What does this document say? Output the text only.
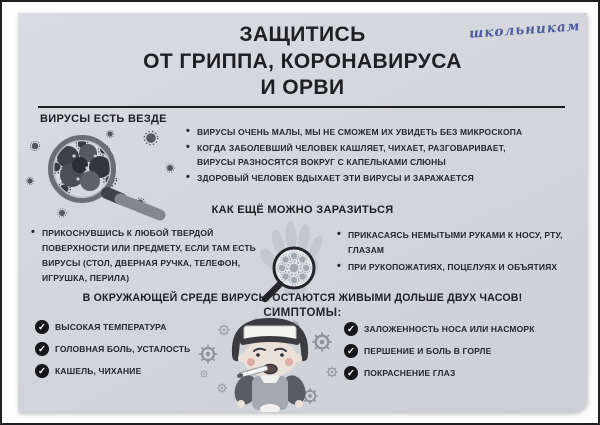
ЗАЩИТИСЬ
ОТ ГРИППА, КОРОНАВИРУСА
И ОРВИ
школьникам
ВИРУСЫ ЕСТЬ ВЕЗДЕ
• ВИРУСЫ ОЧЕНЬ МАЛЫ, МЫ НЕ СМОЖЕМ ИХ УВИДЕТЬ БЕЗ МИКРОСКОПА
• КОГДА ЗАБОЛЕВШИЙ ЧЕЛОВЕК КАШЛЯЕТ, ЧИХАЕТ, РАЗГОВАРИВАЕТ, ВИРУСЫ РАЗНОСЯТСЯ ВОКРУГ С КАПЕЛЬКАМИ СЛЮНЫ
• ЗДОРОВЫЙ ЧЕЛОВЕК ВДЫХАЕТ ЭТИ ВИРУСЫ И ЗАРАЖАЕТСЯ
КАК ЕЩЁ МОЖНО ЗАРАЗИТЬСЯ
• ПРИКОСНУВШИСЬ К ЛЮБОЙ ТВЕРДОЙ ПОВЕРХНОСТИ ИЛИ ПРЕДМЕТУ, ЕСЛИ ТАМ ЕСТЬ ВИРУСЫ (СТОЛ, ДВЕРНАЯ РУЧКА, ТЕЛЕФОН, ИГРУШКА, ПЕРИЛА)
• ПРИКАСАЯСЬ НЕМЫТЫМИ РУКАМИ К НОСУ, РТУ, ГЛАЗАМ
• ПРИ РУКОПОЖАТИЯХ, ПОЦЕЛУЯХ И ОБЪЯТИЯХ
В ОКРУЖАЮЩЕЙ СРЕДЕ ВИРУСЫ ОСТАЮТСЯ ЖИВЫМИ ДОЛЬШЕ ДВУХ ЧАСОВ!
СИМПТОМЫ:
✓	ВЫСОКАЯ ТЕМПЕРАТУРА
✓	ГОЛОВНАЯ БОЛЬ, УСТАЛОСТЬ
✓	КАШЕЛЬ, ЧИХАНИЕ
✓	ЗАЛОЖЕННОСТЬ НОСА ИЛИ НАСМОРК
✓	ПЕРШЕНИЕ И БОЛЬ В ГОРЛЕ
✓	ПОКРАСНЕНИЕ ГЛАЗ
